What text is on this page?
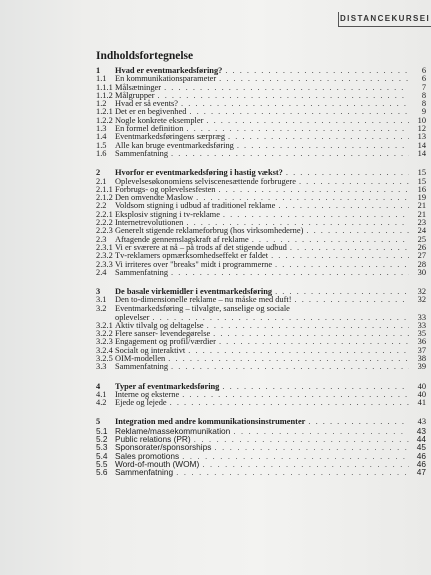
DISTANCEKURSEI
Indholdsfortegnelse
1 Hvad er eventmarkedsføring? . . .	6
1.1 En kommunikationsparameter . . .	6
1.1.1 Målsætninger . . .	7
1.1.2 Målgrupper . . .	8
1.2 Hvad er så events? . . .	8
1.2.1 Det er en begivenhed . . .	9
1.2.2 Nogle konkrete eksempler . . .	10
1.3 En formel definition . . .	12
1.4 Eventmarkedsføringens særpræg . . .	13
1.5 Alle kan bruge eventmarkedsføring . . .	14
1.6 Sammenfatning . . .	14
2 Hvorfor er eventmarkedsføring i hastig vækst? . . .	15
2.1 Oplevelsesøkonomiens selviscenesættende forbrugere . . .	15
2.1.1 Forbrugs- og oplevelsesfesten . . .	16
2.1.2 Den omvendte Maslow . . .	19
2.2 Voldsom stigning i udbud af traditionel reklame . . .	21
2.2.1 Eksplosiv stigning i tv-reklame . . .	21
2.2.2 Internetrevolutionen . . .	23
2.2.3 Generelt stigende reklameforbrug (hos virksomhederne) . . .	24
2.3 Aftagende gennemslagskraft af reklame . . .	25
2.3.1 Vi er sværere at nå – på trods af det stigende udbud . . .	26
2.3.2 Tv-reklamers opmærksomhedseffekt er faldet . . .	27
2.3.3 Vi irriteres over "breaks" midt i programmerne . . .	28
2.4 Sammenfatning . . .	30
3 De basale virkemidler i eventmarkedsføring . . .	32
3.1 Den to-dimensionelle reklame – nu måske med duft! . . .	32
3.2 Eventmarkedsføring – tilvalgte, sanselige og sociale
oplevelser . . .	33
3.2.1 Aktiv tilvalg og deltagelse . . .	33
3.2.2 Flere sanser- levendegørelse . . .	35
3.2.3 Engagement og profil/værdier . . .	36
3.2.4 Socialt og interaktivt . . .	37
3.2.5 OIM-modellen . . .	38
3.3 Sammenfatning . . .	39
4 Typer af eventmarkedsføring . . .	40
4.1 Interne og eksterne . . .	40
4.2 Ejede og lejede . . .	41
5 Integration med andre kommunikationsinstrumenter . . .	43
5.1 Reklame/massekommunikation . . .	43
5.2 Public relations (PR) . . .	44
5.3 Sponsorater/sponsorships . . .	45
5.4 Sales promotions . . .	46
5.5 Word-of-mouth (WOM) . . .	46
5.6 Sammenfatning . . .	47
